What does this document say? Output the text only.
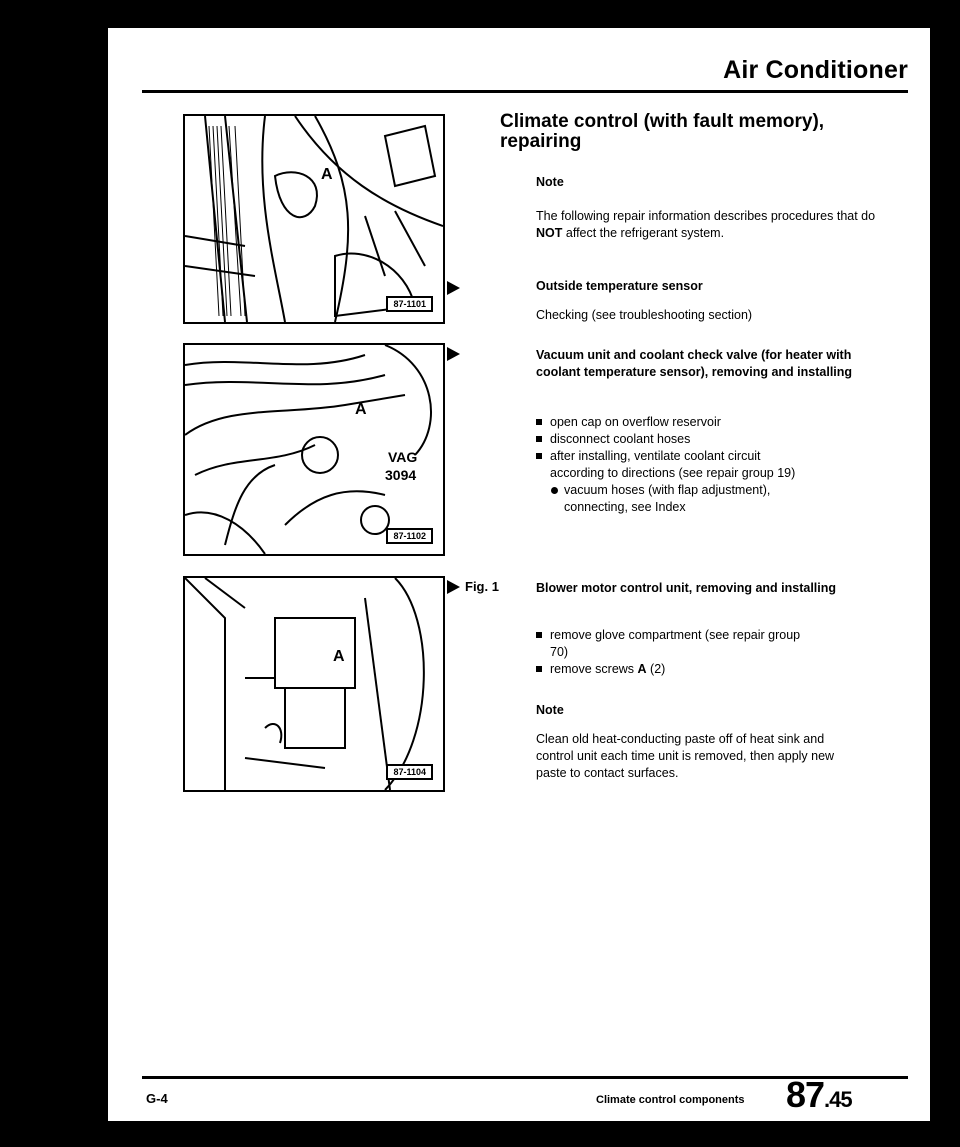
Air Conditioner
A
87-1101
A
VAG
3094
87-1102
A
87-1104
Fig. 1
Climate control (with fault memory), repairing
Note
The following repair information describes procedures that do NOT affect the refrigerant system.
Outside temperature sensor
Checking (see troubleshooting section)
Vacuum unit and coolant check valve (for heater with coolant temperature sensor), removing and installing
open cap on overflow reservoir
disconnect coolant hoses
after installing, ventilate coolant circuit according to directions (see repair group 19)
vacuum hoses (with flap adjustment), connecting, see Index
Blower motor control unit, removing and installing
remove glove compartment (see repair group 70)
remove screws A (2)
Note
Clean old heat-conducting paste off of heat sink and control unit each time unit is removed, then apply new paste to contact surfaces.
G-4	Climate control components 87.45
